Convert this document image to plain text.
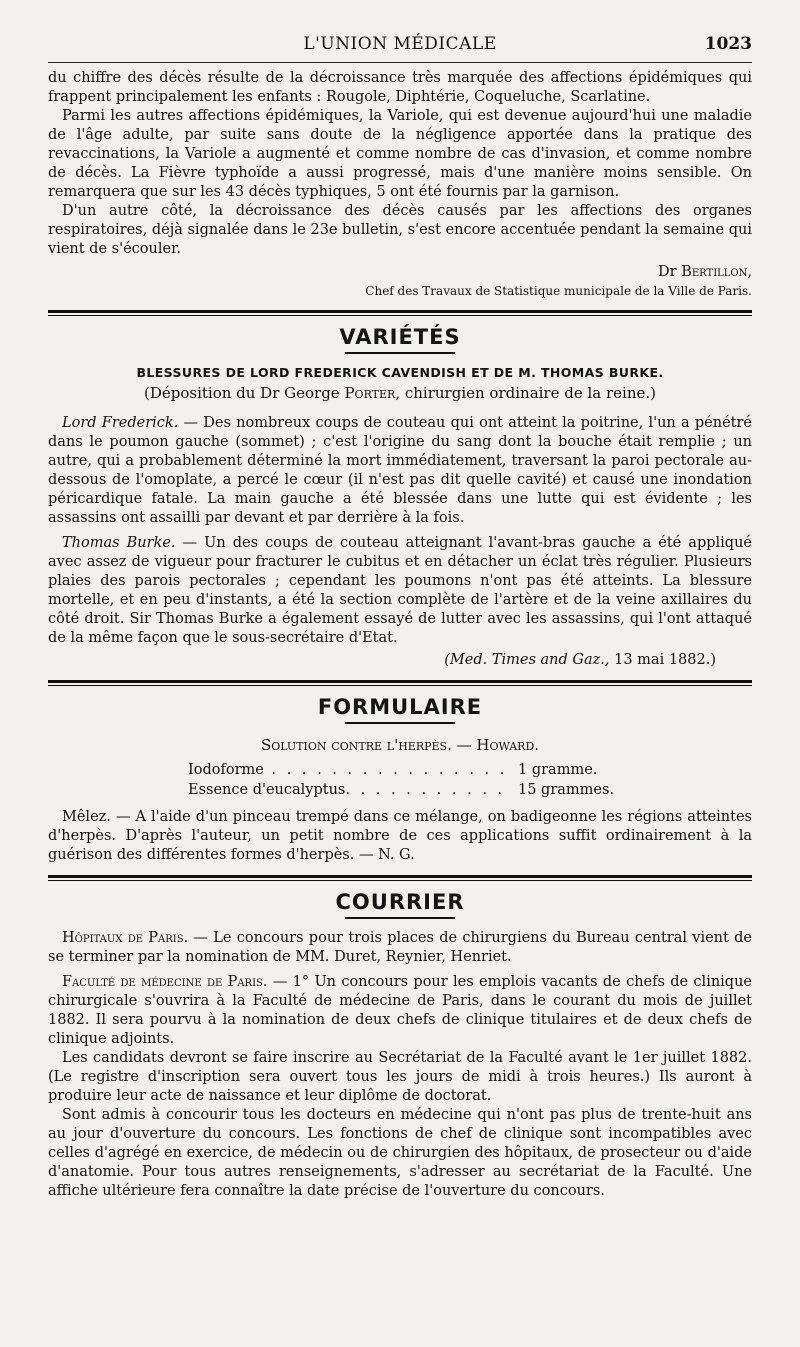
L'UNION MÉDICALE	1023

du chiffre des décès résulte de la décroissance très marquée des affections épidémiques qui frappent principalement les enfants : Rougole, Diphtérie, Coqueluche, Scarlatine.

Parmi les autres affections épidémiques, la Variole, qui est devenue aujourd'hui une maladie de l'âge adulte, par suite sans doute de la négligence apportée dans la pratique des revaccinations, la Variole a augmenté et comme nombre de cas d'invasion, et comme nombre de décès. La Fièvre typhoïde a aussi progressé, mais d'une manière moins sensible. On remarquera que sur les 43 décès typhiques, 5 ont été fournis par la garnison.

D'un autre côté, la décroissance des décès causés par les affections des organes respiratoires, déjà signalée dans le 23e bulletin, s'est encore accentuée pendant la semaine qui vient de s'écouler.

Dr Bertillon,
Chef des Travaux de Statistique municipale de la Ville de Paris.
VARIÉTÉS
BLESSURES DE LORD FREDERICK CAVENDISH ET DE M. THOMAS BURKE.
(Déposition du Dr George Porter, chirurgien ordinaire de la reine.)

Lord Frederick. — Des nombreux coups de couteau qui ont atteint la poitrine, l'un a pénétré dans le poumon gauche (sommet) ; c'est l'origine du sang dont la bouche était remplie ; un autre, qui a probablement déterminé la mort immédiatement, traversant la paroi pectorale au-dessous de l'omoplate, a percé le cœur (il n'est pas dit quelle cavité) et causé une inondation péricardique fatale. La main gauche a été blessée dans une lutte qui est évidente ; les assassins ont assailli par devant et par derrière à la fois.

Thomas Burke. — Un des coups de couteau atteignant l'avant-bras gauche a été appliqué avec assez de vigueur pour fracturer le cubitus et en détacher un éclat très régulier. Plusieurs plaies des parois pectorales ; cependant les poumons n'ont pas été atteints. La blessure mortelle, et en peu d'instants, a été la section complète de l'artère et de la veine axillaires du côté droit. Sir Thomas Burke a également essayé de lutter avec les assassins, qui l'ont attaqué de la même façon que le sous-secrétaire d'Etat.

(Med. Times and Gaz., 13 mai 1882.)
FORMULAIRE
Solution contre l'herpès. — Howard.
Iodoforme . . . . . . . . . . . . . . . . 1 gramme.
Essence d'eucalyptus. . . . . . . . . . . 15 grammes.

Mêlez. — A l'aide d'un pinceau trempé dans ce mélange, on badigeonne les régions atteintes d'herpès. D'après l'auteur, un petit nombre de ces applications suffit ordinairement à la guérison des différentes formes d'herpès. — N. G.

COURRIER

Hôpitaux de Paris. — Le concours pour trois places de chirurgiens du Bureau central vient de se terminer par la nomination de MM. Duret, Reynier, Henriet.

Faculté de médecine de Paris. — 1° Un concours pour les emplois vacants de chefs de clinique chirurgicale s'ouvrira à la Faculté de médecine de Paris, dans le courant du mois de juillet 1882. Il sera pourvu à la nomination de deux chefs de clinique titulaires et de deux chefs de clinique adjoints.

Les candidats devront se faire inscrire au Secrétariat de la Faculté avant le 1er juillet 1882. (Le registre d'inscription sera ouvert tous les jours de midi à trois heures.) Ils auront à produire leur acte de naissance et leur diplôme de doctorat.

Sont admis à concourir tous les docteurs en médecine qui n'ont pas plus de trente-huit ans au jour d'ouverture du concours. Les fonctions de chef de clinique sont incompatibles avec celles d'agrégé en exercice, de médecin ou de chirurgien des hôpitaux, de prosecteur ou d'aide d'anatomie. Pour tous autres renseignements, s'adresser au secrétariat de la Faculté. Une affiche ultérieure fera connaître la date précise de l'ouverture du concours.
